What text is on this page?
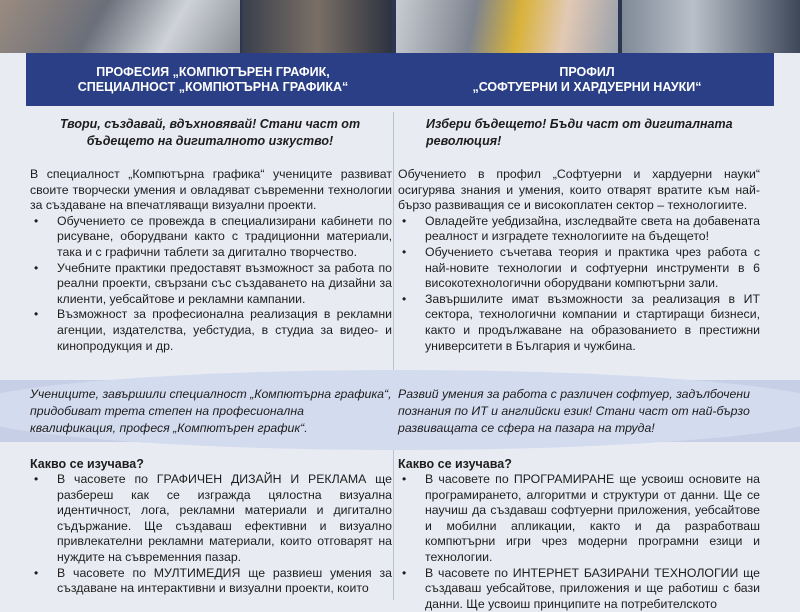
ПРОФЕСИЯ „КОМПЮТЪРЕН ГРАФИК,
СПЕЦИАЛНОСТ „КОМПЮТЪРНА ГРАФИКА“
ПРОФИЛ
„СОФТУЕРНИ И ХАРДУЕРНИ НАУКИ“
Твори, създавай, вдъхновявай! Стани част от бъдещето на дигиталното изкуство!
Избери бъдещето! Бъди част от дигиталната революция!
В специалност „Компютърна графика“ учениците развиват своите творчески умения и овладяват съвременни технологии за създаване на впечатляващи визуални проекти.
• Обучението се провежда в специализирани кабинети по рисуване, оборудвани както с традиционни материали, така и с графични таблети за дигитално творчество.
• Учебните практики предоставят възможност за работа по реални проекти, свързани със създаването на дизайни за клиенти, уебсайтове и рекламни кампании.
• Възможност за професионална реализация в рекламни агенции, издателства, уебстудиа, в студиа за видео- и кинопродукция и др.
Обучението в профил „Софтуерни и хардуерни науки“ осигурява знания и умения, които отварят вратите към най-бързо развиващия се и високоплатен сектор – технологиите.
• Овладейте уебдизайна, изследвайте света на добавената реалност и изградете технологиите на бъдещето!
• Обучението съчетава теория и практика чрез работа с най-новите технологии и софтуерни инструменти в 6 високотехнологични оборудвани компютърни зали.
• Завършилите имат възможности за реализация в ИТ сектора, технологични компании и стартиращи бизнеси, както и продължаване на образованието в престижни университети в България и чужбина.
Учениците, завършили специалност „Компютърна графика“, придобиват трета степен на професионална квалификация, професя „Компютърен график“.
Развий умения за работа с различен софтуер, задълбочени познания по ИТ и английски език! Стани част от най-бързо развиващата се сфера на пазара на труда!
Какво се изучава?	Какво се изучава?
• В часовете по ГРАФИЧЕН ДИЗАЙН И РЕКЛАМА ще разбереш как се изгражда цялостна визуална идентичност, лога, рекламни материали и дигитално съдържание. Ще създаваш ефективни и визуално привлекателни рекламни материали, които отговарят на нуждите на съвременния пазар.
• В часовете по МУЛТИМЕДИЯ ще развиеш умения за създаване на интерактивни и визуални проекти, които
• В часовете по ПРОГРАМИРАНЕ ще усвоиш основите на програмирането, алгоритми и структури от данни. Ще се научиш да създаваш софтуерни приложения, уебсайтове и мобилни апликации, както и да разработваш компютърни игри чрез модерни програмни езици и технологии.
• В часовете по ИНТЕРНЕТ БАЗИРАНИ ТЕХНОЛОГИИ ще създаваш уебсайтове, приложения и ще работиш с бази данни. Ще усвоиш принципите на потребителското
